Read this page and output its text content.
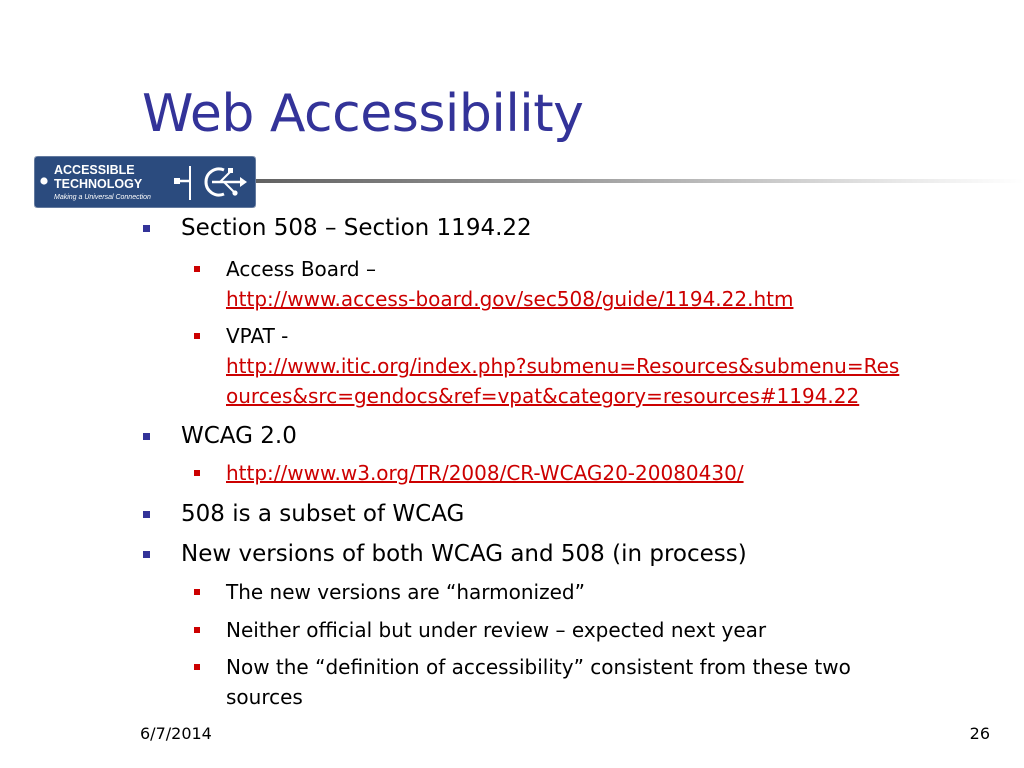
Web Accessibility
ACCESSIBLE
TECHNOLOGY
Making a Universal Connection
Section 508 – Section 1194.22
Access Board –
http://www.access-board.gov/sec508/guide/1194.22.htm
VPAT -
http://www.itic.org/index.php?submenu=Resources&submenu=Res
ources&src=gendocs&ref=vpat&category=resources#1194.22
WCAG 2.0
http://www.w3.org/TR/2008/CR-WCAG20-20080430/
508 is a subset of WCAG
New versions of both WCAG and 508 (in process)
The new versions are “harmonized”
Neither official but under review – expected next year
Now the “definition of accessibility” consistent from these two
sources
6/7/2014	26
